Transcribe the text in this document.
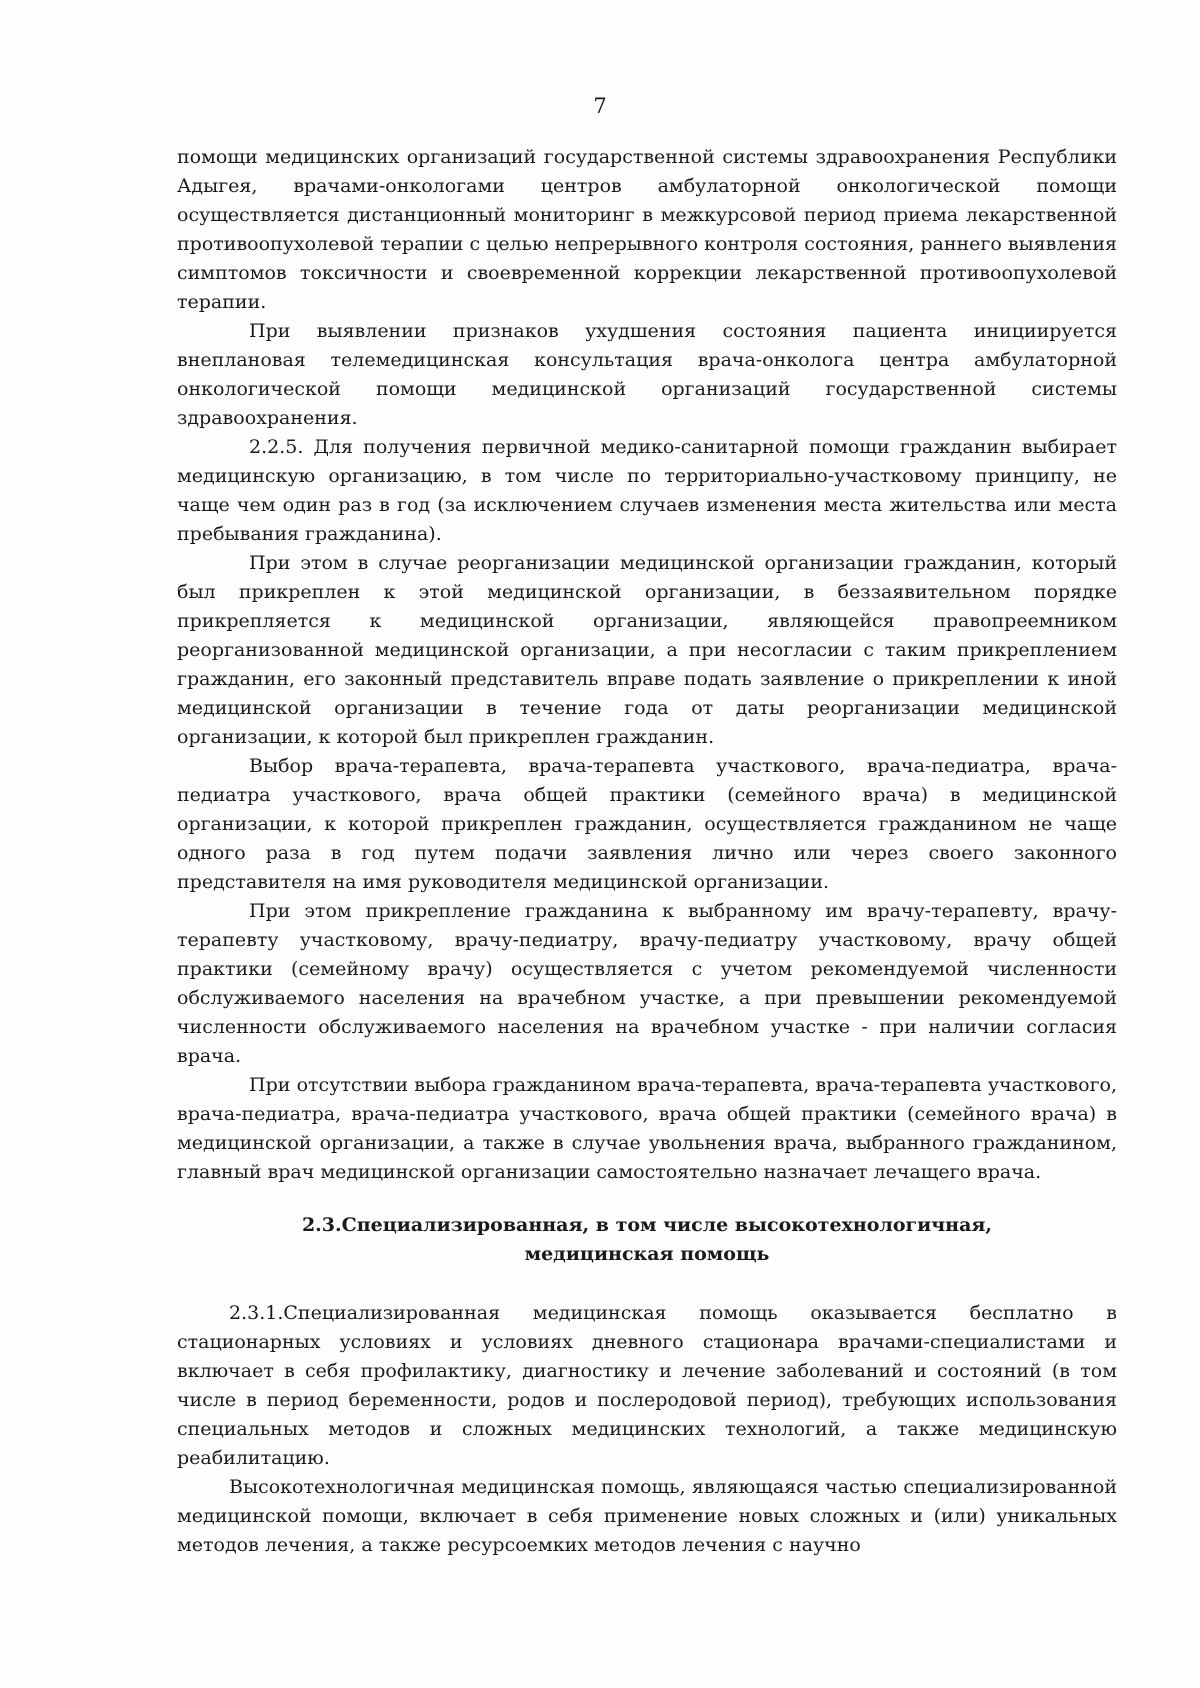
7

помощи медицинских организаций государственной системы здравоохранения Республики Адыгея, врачами-онкологами центров амбулаторной онкологической помощи осуществляется дистанционный мониторинг в межкурсовой период приема лекарственной противоопухолевой терапии с целью непрерывного контроля состояния, раннего выявления симптомов токсичности и своевременной коррекции лекарственной противоопухолевой терапии.

При выявлении признаков ухудшения состояния пациента инициируется внеплановая телемедицинская консультация врача-онколога центра амбулаторной онкологической помощи медицинской организаций государственной системы здравоохранения.

2.2.5. Для получения первичной медико-санитарной помощи гражданин выбирает медицинскую организацию, в том числе по территориально-участковому принципу, не чаще чем один раз в год (за исключением случаев изменения места жительства или места пребывания гражданина).

При этом в случае реорганизации медицинской организации гражданин, который был прикреплен к этой медицинской организации, в беззаявительном порядке прикрепляется к медицинской организации, являющейся правопреемником реорганизованной медицинской организации, а при несогласии с таким прикреплением гражданин, его законный представитель вправе подать заявление о прикреплении к иной медицинской организации в течение года от даты реорганизации медицинской организации, к которой был прикреплен гражданин.

Выбор врача-терапевта, врача-терапевта участкового, врача-педиатра, врача-педиатра участкового, врача общей практики (семейного врача) в медицинской организации, к которой прикреплен гражданин, осуществляется гражданином не чаще одного раза в год путем подачи заявления лично или через своего законного представителя на имя руководителя медицинской организации.

При этом прикрепление гражданина к выбранному им врачу-терапевту, врачу-терапевту участковому, врачу-педиатру, врачу-педиатру участковому, врачу общей практики (семейному врачу) осуществляется с учетом рекомендуемой численности обслуживаемого населения на врачебном участке, а при превышении рекомендуемой численности обслуживаемого населения на врачебном участке - при наличии согласия врача.

При отсутствии выбора гражданином врача-терапевта, врача-терапевта участкового, врача-педиатра, врача-педиатра участкового, врача общей практики (семейного врача) в медицинской организации, а также в случае увольнения врача, выбранного гражданином, главный врач медицинской организации самостоятельно назначает лечащего врача.

2.3.Специализированная, в том числе высокотехнологичная, медицинская помощь

2.3.1.Специализированная медицинская помощь оказывается бесплатно в стационарных условиях и условиях дневного стационара врачами-специалистами и включает в себя профилактику, диагностику и лечение заболеваний и состояний (в том числе в период беременности, родов и послеродовой период), требующих использования специальных методов и сложных медицинских технологий, а также медицинскую реабилитацию.

Высокотехнологичная медицинская помощь, являющаяся частью специализированной медицинской помощи, включает в себя применение новых сложных и (или) уникальных методов лечения, а также ресурсоемких методов лечения с научно
